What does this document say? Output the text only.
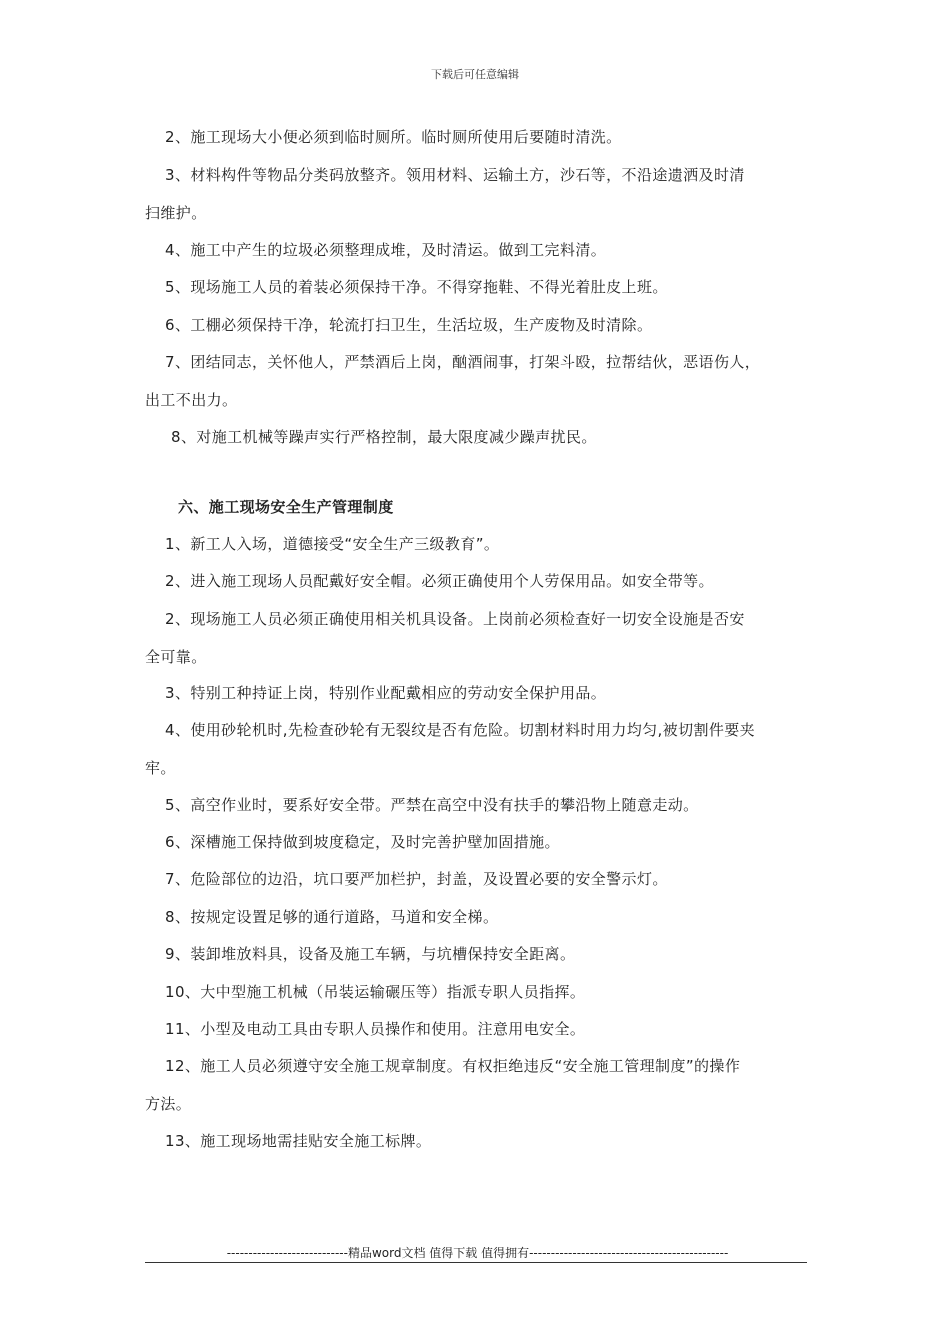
下载后可任意编辑
2、施工现场大小便必须到临时厕所。临时厕所使用后要随时清洗。
3、材料构件等物品分类码放整齐。领用材料、运输土方，沙石等，不沿途遗洒及时清
扫维护。
4、施工中产生的垃圾必须整理成堆，及时清运。做到工完料清。
5、现场施工人员的着装必须保持干净。不得穿拖鞋、不得光着肚皮上班。
6、工棚必须保持干净，轮流打扫卫生，生活垃圾，生产废物及时清除。
7、团结同志，关怀他人，严禁酒后上岗，酗酒闹事，打架斗殴，拉帮结伙，恶语伤人，
出工不出力。
8、对施工机械等躁声实行严格控制，最大限度减少躁声扰民。
六、施工现场安全生产管理制度
1、新工人入场，道德接受“安全生产三级教育”。
2、进入施工现场人员配戴好安全帽。必须正确使用个人劳保用品。如安全带等。
2、现场施工人员必须正确使用相关机具设备。上岗前必须检查好一切安全设施是否安
全可靠。
3、特别工种持证上岗，特别作业配戴相应的劳动安全保护用品。
4、使用砂轮机时,先检查砂轮有无裂纹是否有危险。切割材料时用力均匀,被切割件要夹
牢。
5、高空作业时，要系好安全带。严禁在高空中没有扶手的攀沿物上随意走动。
6、深槽施工保持做到坡度稳定，及时完善护壁加固措施。
7、危险部位的边沿，坑口要严加栏护，封盖，及设置必要的安全警示灯。
8、按规定设置足够的通行道路，马道和安全梯。
9、装卸堆放料具，设备及施工车辆，与坑槽保持安全距离。
10、大中型施工机械（吊装运输碾压等）指派专职人员指挥。
11、小型及电动工具由专职人员操作和使用。注意用电安全。
12、施工人员必须遵守安全施工规章制度。有权拒绝违反“安全施工管理制度”的操作
方法。
13、施工现场地需挂贴安全施工标牌。
----------------------------精品word文档 值得下载 值得拥有----------------------------------------------
